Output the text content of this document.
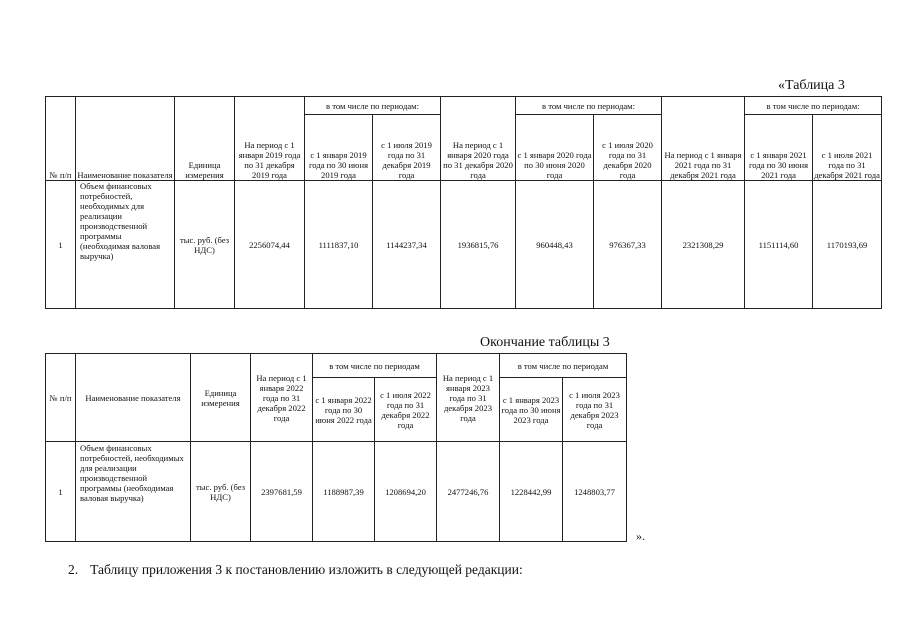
«Таблица 3
№ п/п	Наименование показателя	Единица измерения	На период с 1 января 2019 года по 31 декабря 2019 года	в том числе по периодам:		На период с 1 января 2020 года по 31 декабря 2020 года	в том числе по периодам:		На период с 1 января 2021 года по 31 декабря 2021 года	в том числе по периодам:	
				с 1 января 2019 года по 30 июня 2019 года	с 1 июля 2019 года по 31 декабря 2019 года		с 1 января 2020 года по 30 июня 2020 года	с 1 июля 2020 года по 31 декабря 2020 года		с 1 января 2021 года по 30 июня 2021 года	с 1 июля 2021 года по 31 декабря 2021 года
1	Объем финансовых потребностей, необходимых для реализации производственной программы (необходимая валовая выручка)	тыс. руб. (без НДС)	2256074,44	1111837,10	1144237,34	1936815,76	960448,43	976367,33	2321308,29	1151114,60	1170193,69
Окончание таблицы 3
№ п/п	Наименование показателя	Единица измерения	На период с 1 января 2022 года по 31 декабря 2022 года	в том числе по периодам		На период с 1 января 2023 года по 31 декабря 2023 года	в том числе по периодам	
				с 1 января 2022 года по 30 июня 2022 года	с 1 июля 2022 года по 31 декабря 2022 года		с 1 января 2023 года по 30 июня 2023 года	с 1 июля 2023 года по 31 декабря 2023 года
1	Объем финансовых потребностей, необходимых для реализации производственной программы (необходимая валовая выручка)	тыс. руб. (без НДС)	2397681,59	1188987,39	1208694,20	2477246,76	1228442,99	1248803,77
».
2. Таблицу приложения 3 к постановлению изложить в следующей редакции:
